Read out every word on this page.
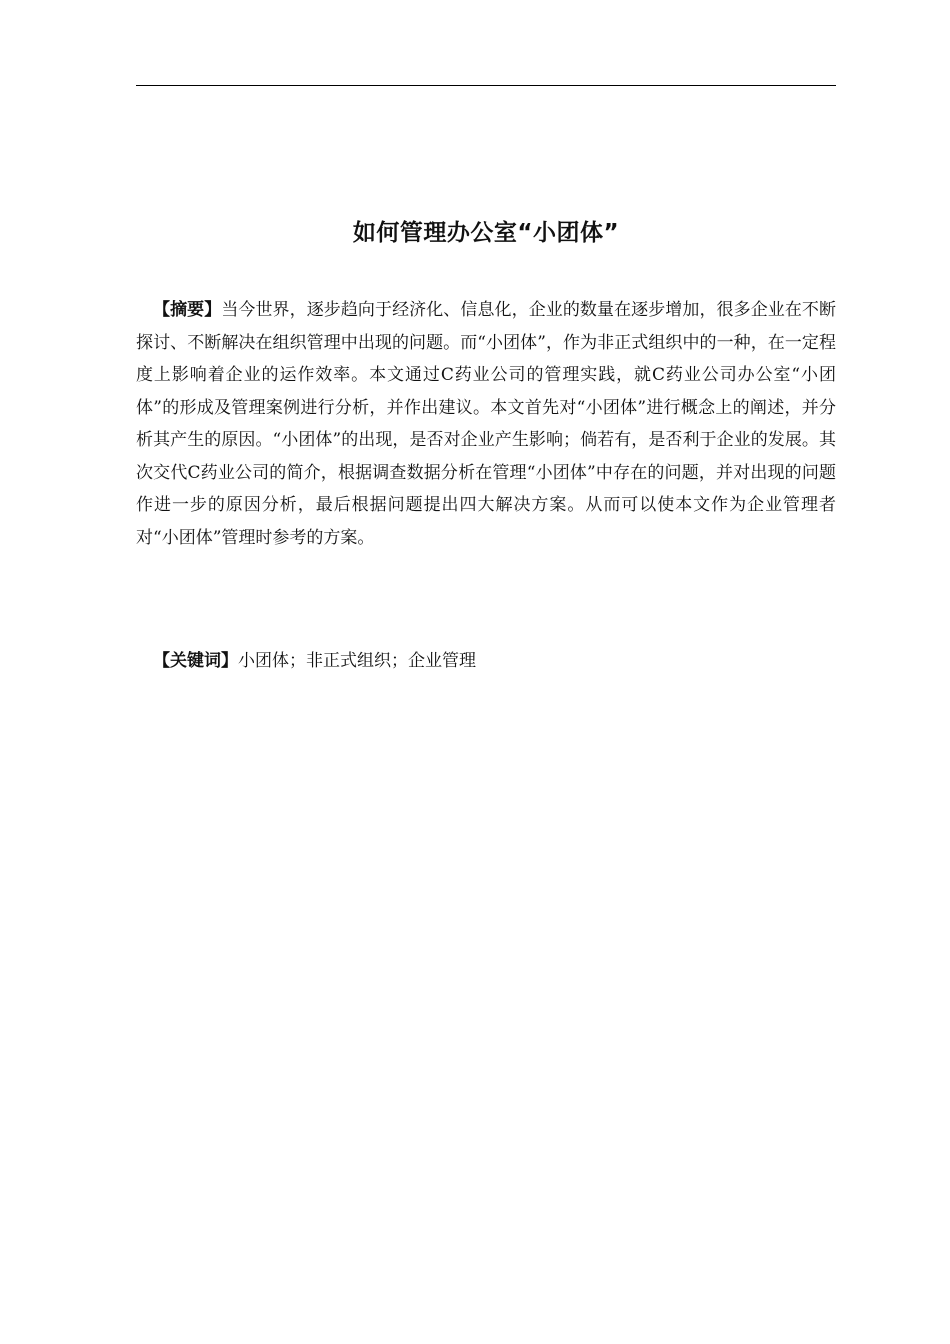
如何管理办公室“小团体”

【摘要】当今世界，逐步趋向于经济化、信息化，企业的数量在逐步增加，很多企业在不断探讨、不断解决在组织管理中出现的问题。而“小团体”，作为非正式组织中的一种，在一定程度上影响着企业的运作效率。本文通过C药业公司的管理实践，就C药业公司办公室“小团体”的形成及管理案例进行分析，并作出建议。本文首先对“小团体”进行概念上的阐述，并分析其产生的原因。“小团体”的出现，是否对企业产生影响；倘若有，是否利于企业的发展。其次交代C药业公司的简介，根据调查数据分析在管理“小团体”中存在的问题，并对出现的问题作进一步的原因分析，最后根据问题提出四大解决方案。从而可以使本文作为企业管理者对“小团体”管理时参考的方案。

【关键词】小团体；非正式组织；企业管理
